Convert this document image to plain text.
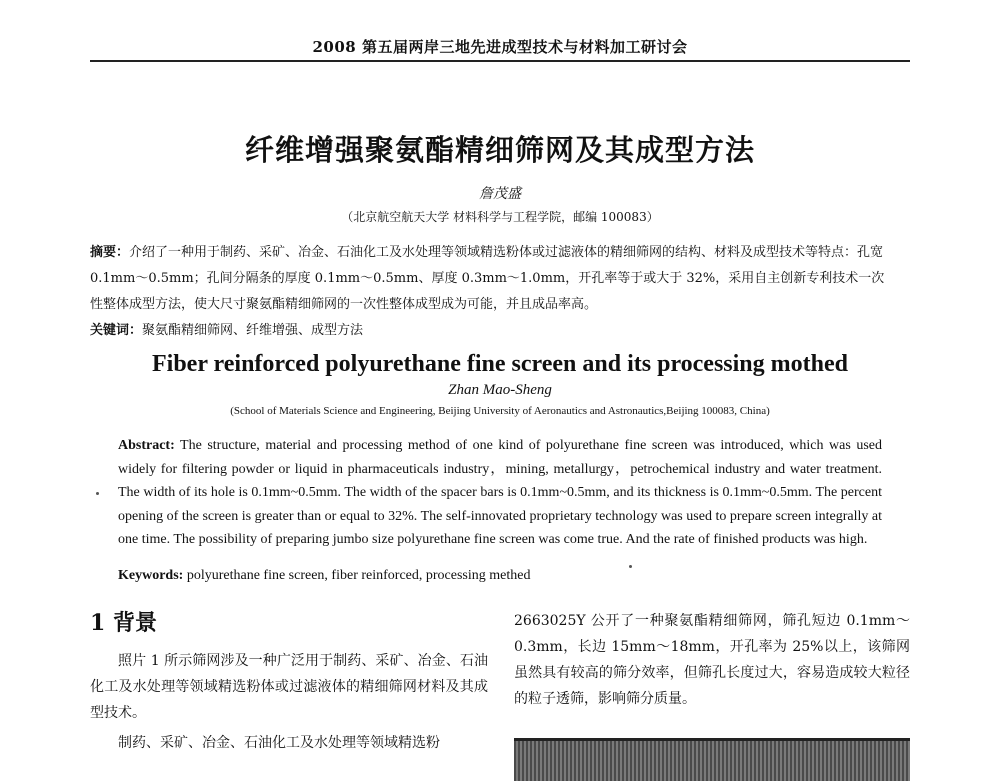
2008 第五届两岸三地先进成型技术与材料加工研讨会
纤维增强聚氨酯精细筛网及其成型方法
詹茂盛
（北京航空航天大学 材料科学与工程学院，邮编 100083）
摘要：介绍了一种用于制药、采矿、冶金、石油化工及水处理等领域精选粉体或过滤液体的精细筛网的结构、材料及成型技术等特点：孔宽 0.1mm～0.5mm；孔间分隔条的厚度 0.1mm～0.5mm、厚度 0.3mm～1.0mm，开孔率等于或大于 32%，采用自主创新专利技术一次性整体成型方法，使大尺寸聚氨酯精细筛网的一次性整体成型成为可能，并且成品率高。
关键词：聚氨酯精细筛网、纤维增强、成型方法
Fiber reinforced polyurethane fine screen and its processing mothed
Zhan Mao-Sheng
(School of Materials Science and Engineering, Beijing University of Aeronautics and Astronautics,Beijing 100083, China)
Abstract: The structure, material and processing method of one kind of polyurethane fine screen was introduced, which was used widely for filtering powder or liquid in pharmaceuticals industry，mining, metallurgy，petrochemical industry and water treatment. The width of its hole is 0.1mm~0.5mm. The width of the spacer bars is 0.1mm~0.5mm, and its thickness is 0.1mm~0.5mm. The percent opening of the screen is greater than or equal to 32%. The self-innovated proprietary technology was used to prepare screen integrally at one time. The possibility of preparing jumbo size polyurethane fine screen was come true. And the rate of finished products was high.
Keywords: polyurethane fine screen, fiber reinforced, processing methed
1 背景

照片 1 所示筛网涉及一种广泛用于制药、采矿、冶金、石油化工及水处理等领域精选粉体或过滤液体的精细筛网材料及其成型技术。

制药、采矿、冶金、石油化工及水处理等领域精选粉

2663025Y 公开了一种聚氨酯精细筛网，筛孔短边 0.1mm～0.3mm，长边 15mm～18mm，开孔率为 25%以上，该筛网虽然具有较高的筛分效率，但筛孔长度过大，容易造成较大粒径的粒子透筛，影响筛分质量。
